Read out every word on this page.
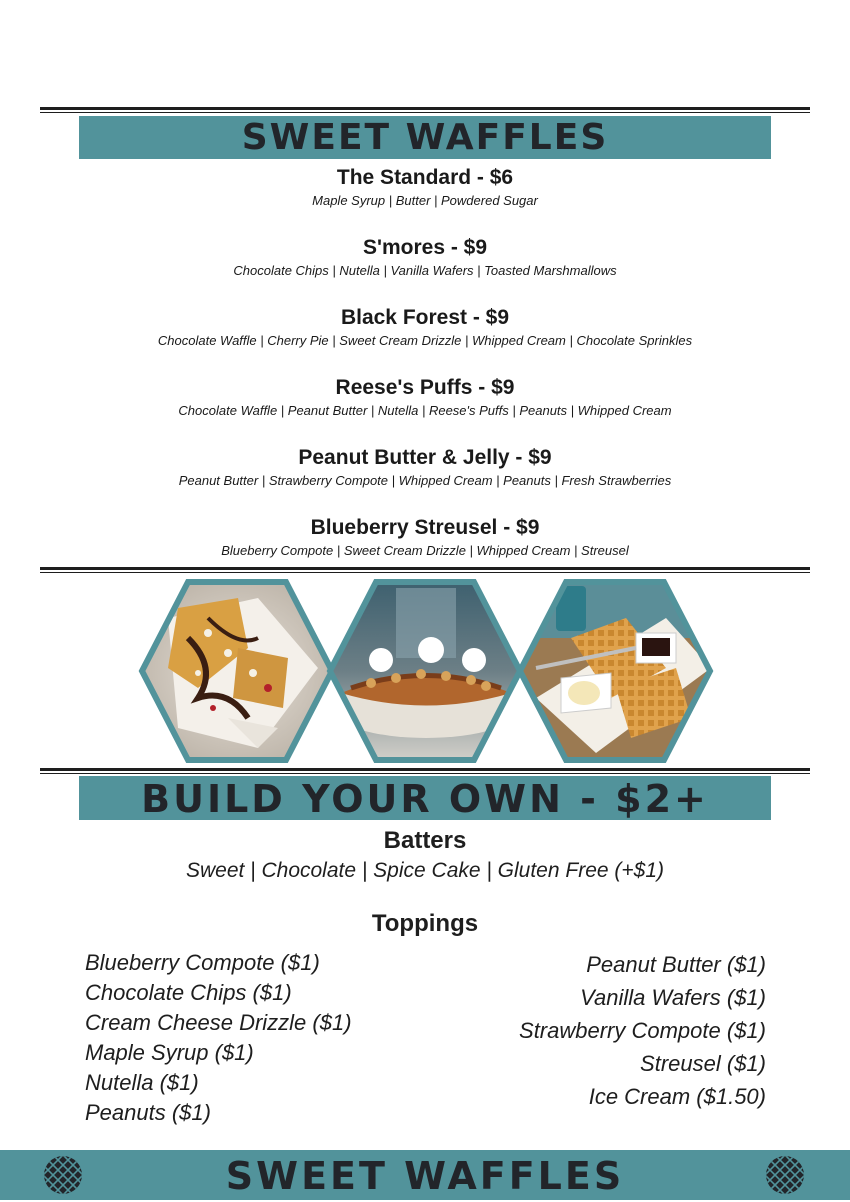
SWEET WAFFLES
The Standard - $6
Maple Syrup | Butter | Powdered Sugar
S'mores - $9
Chocolate Chips | Nutella | Vanilla Wafers | Toasted Marshmallows
Black Forest - $9
Chocolate Waffle | Cherry Pie | Sweet Cream Drizzle | Whipped Cream | Chocolate Sprinkles
Reese's Puffs - $9
Chocolate Waffle | Peanut Butter | Nutella | Reese's Puffs | Peanuts | Whipped Cream
Peanut Butter & Jelly - $9
Peanut Butter | Strawberry Compote | Whipped Cream | Peanuts | Fresh Strawberries
Blueberry Streusel - $9
Blueberry Compote | Sweet Cream Drizzle | Whipped Cream | Streusel
BUILD YOUR OWN - $2+
Batters
Sweet | Chocolate | Spice Cake | Gluten Free (+$1)
Toppings
Blueberry Compote ($1)
Chocolate Chips ($1)
Cream Cheese Drizzle ($1)
Maple Syrup ($1)
Nutella ($1)
Peanuts ($1)
Peanut Butter ($1)
Vanilla Wafers ($1)
Strawberry Compote ($1)
Streusel ($1)
Ice Cream ($1.50)
SWEET WAFFLES
